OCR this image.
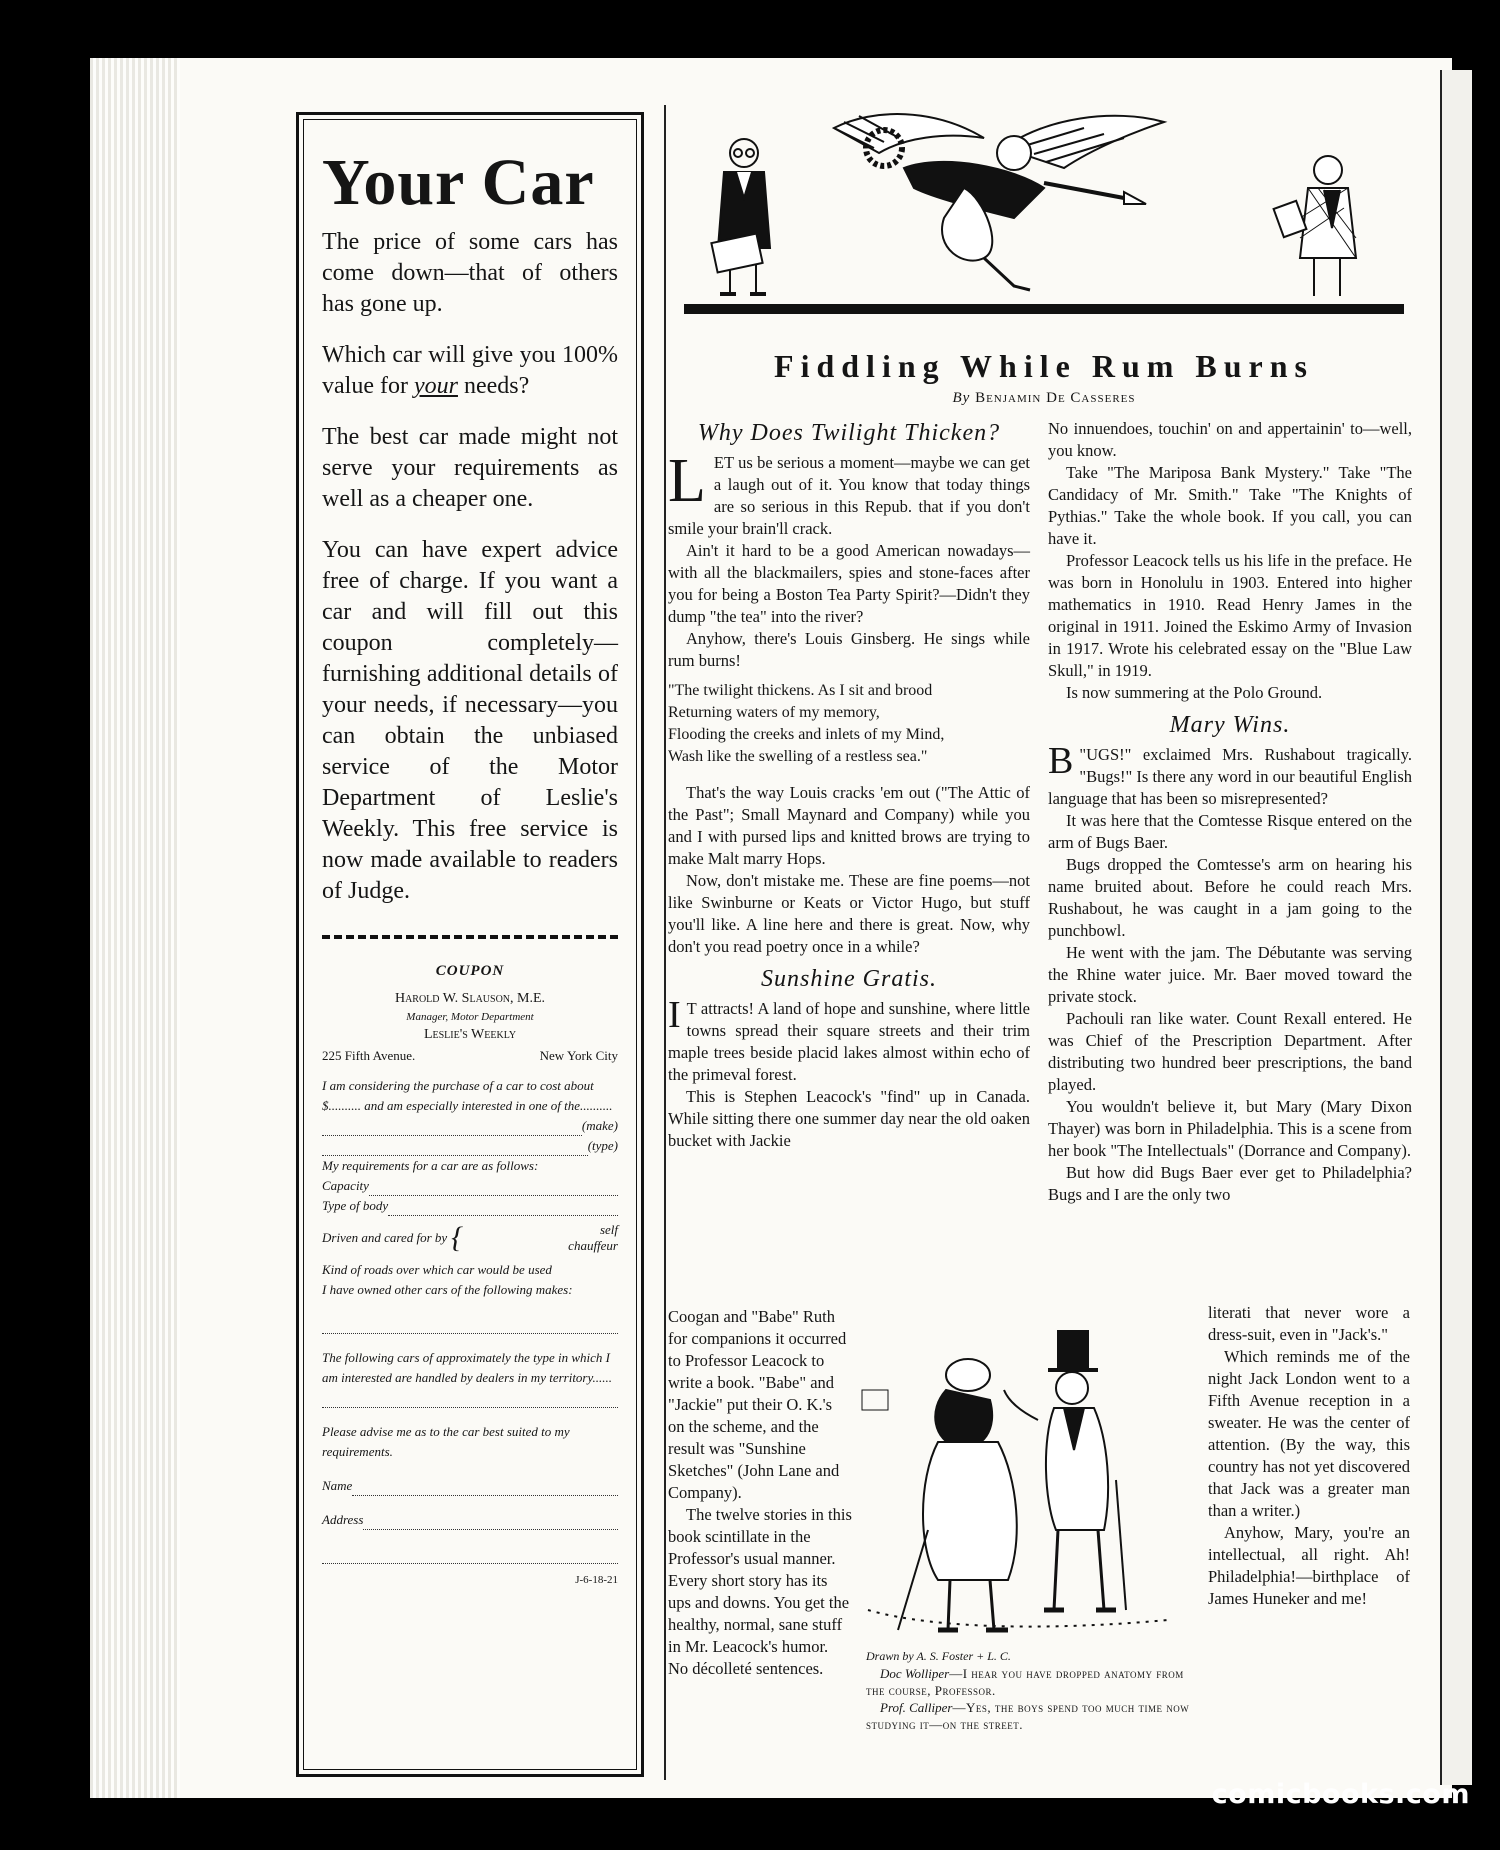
Your Car

The price of some cars has come down—that of others has gone up.

Which car will give you 100% value for your needs?

The best car made might not serve your requirements as well as a cheaper one.

You can have expert advice free of charge. If you want a car and will fill out this coupon completely—furnishing additional details of your needs, if necessary—you can obtain the unbiased service of the Motor Department of Leslie's Weekly. This free service is now made available to readers of Judge.

COUPON
Harold W. Slauson, M.E.
Manager, Motor Department
Leslie's Weekly
225 Fifth Avenue.	New York City
I am considering the purchase of a car to cost about $.......... and am especially interested in one of the..........
(make)
(type)
My requirements for a car are as follows:
Capacity
Type of body
Driven and cared for by {	self
chauffeur
Kind of roads over which car would be used
I have owned other cars of the following makes:
The following cars of approximately the type in which I am interested are handled by dealers in my territory......
Please advise me as to the car best suited to my requirements.
Name
Address
J-6-18-21
Fiddling While Rum Burns
By Benjamin De Casseres
Why Does Twilight Thicken?

LET us be serious a moment—maybe we can get a laugh out of it. You know that today things are so serious in this Repub. that if you don't smile your brain'll crack.

Ain't it hard to be a good American nowadays—with all the blackmailers, spies and stone-faces after you for being a Boston Tea Party Spirit?—Didn't they dump "the tea" into the river?

Anyhow, there's Louis Ginsberg. He sings while rum burns!

"The twilight thickens. As I sit and brood
Returning waters of my memory,
Flooding the creeks and inlets of my Mind,
Wash like the swelling of a restless sea."

That's the way Louis cracks 'em out ("The Attic of the Past"; Small Maynard and Company) while you and I with pursed lips and knitted brows are trying to make Malt marry Hops.

Now, don't mistake me. These are fine poems—not like Swinburne or Keats or Victor Hugo, but stuff you'll like. A line here and there is great. Now, why don't you read poetry once in a while?

Sunshine Gratis.

I T attracts! A land of hope and sunshine, where little towns spread their square streets and their trim maple trees beside placid lakes almost within echo of the primeval forest.

This is Stephen Leacock's "find" up in Canada. While sitting there one summer day near the old oaken bucket with Jackie

Coogan and "Babe" Ruth for companions it occurred to Professor Leacock to write a book. "Babe" and "Jackie" put their O. K.'s on the scheme, and the result was "Sunshine Sketches" (John Lane and Company).

The twelve stories in this book scintillate in the Professor's usual manner. Every short story has its ups and downs. You get the healthy, normal, sane stuff in Mr. Leacock's humor. No décolleté sentences.

No innuendoes, touchin' on and appertainin' to—well, you know.

Take "The Mariposa Bank Mystery." Take "The Candidacy of Mr. Smith." Take "The Knights of Pythias." Take the whole book. If you call, you can have it.

Professor Leacock tells us his life in the preface. He was born in Honolulu in 1903. Entered into higher mathematics in 1910. Read Henry James in the original in 1911. Joined the Eskimo Army of Invasion in 1917. Wrote his celebrated essay on the "Blue Law Skull," in 1919.

Is now summering at the Polo Ground.

Mary Wins.

"
B UGS!" exclaimed Mrs. Rushabout tragically. "Bugs!" Is there any word in our beautiful English language that has been so misrepresented?

It was here that the Comtesse Risque entered on the arm of Bugs Baer.

Bugs dropped the Comtesse's arm on hearing his name bruited about. Before he could reach Mrs. Rushabout, he was caught in a jam going to the punchbowl.

He went with the jam. The Débutante was serving the Rhine water juice. Mr. Baer moved toward the private stock.

Pachouli ran like water. Count Rexall entered. He was Chief of the Prescription Department. After distributing two hundred beer prescriptions, the band played.

You wouldn't believe it, but Mary (Mary Dixon Thayer) was born in Philadelphia. This is a scene from her book "The Intellectuals" (Dorrance and Company).

But how did Bugs Baer ever get to Philadelphia? Bugs and I are the only two

literati that never wore a dress-suit, even in "Jack's."

Which reminds me of the night Jack London went to a Fifth Avenue reception in a sweater. He was the center of attention. (By the way, this country has not yet discovered that Jack was a greater man than a writer.)

Anyhow, Mary, you're an intellectual, all right. Ah! Philadelphia!—birthplace of James Huneker and me!

Drawn by A. S. Foster + L. C.
Doc Wolliper—I hear you have dropped anatomy from the course, Professor.
Prof. Calliper—Yes, the boys spend too much time now studying it—on the street.
comicbooks.com
